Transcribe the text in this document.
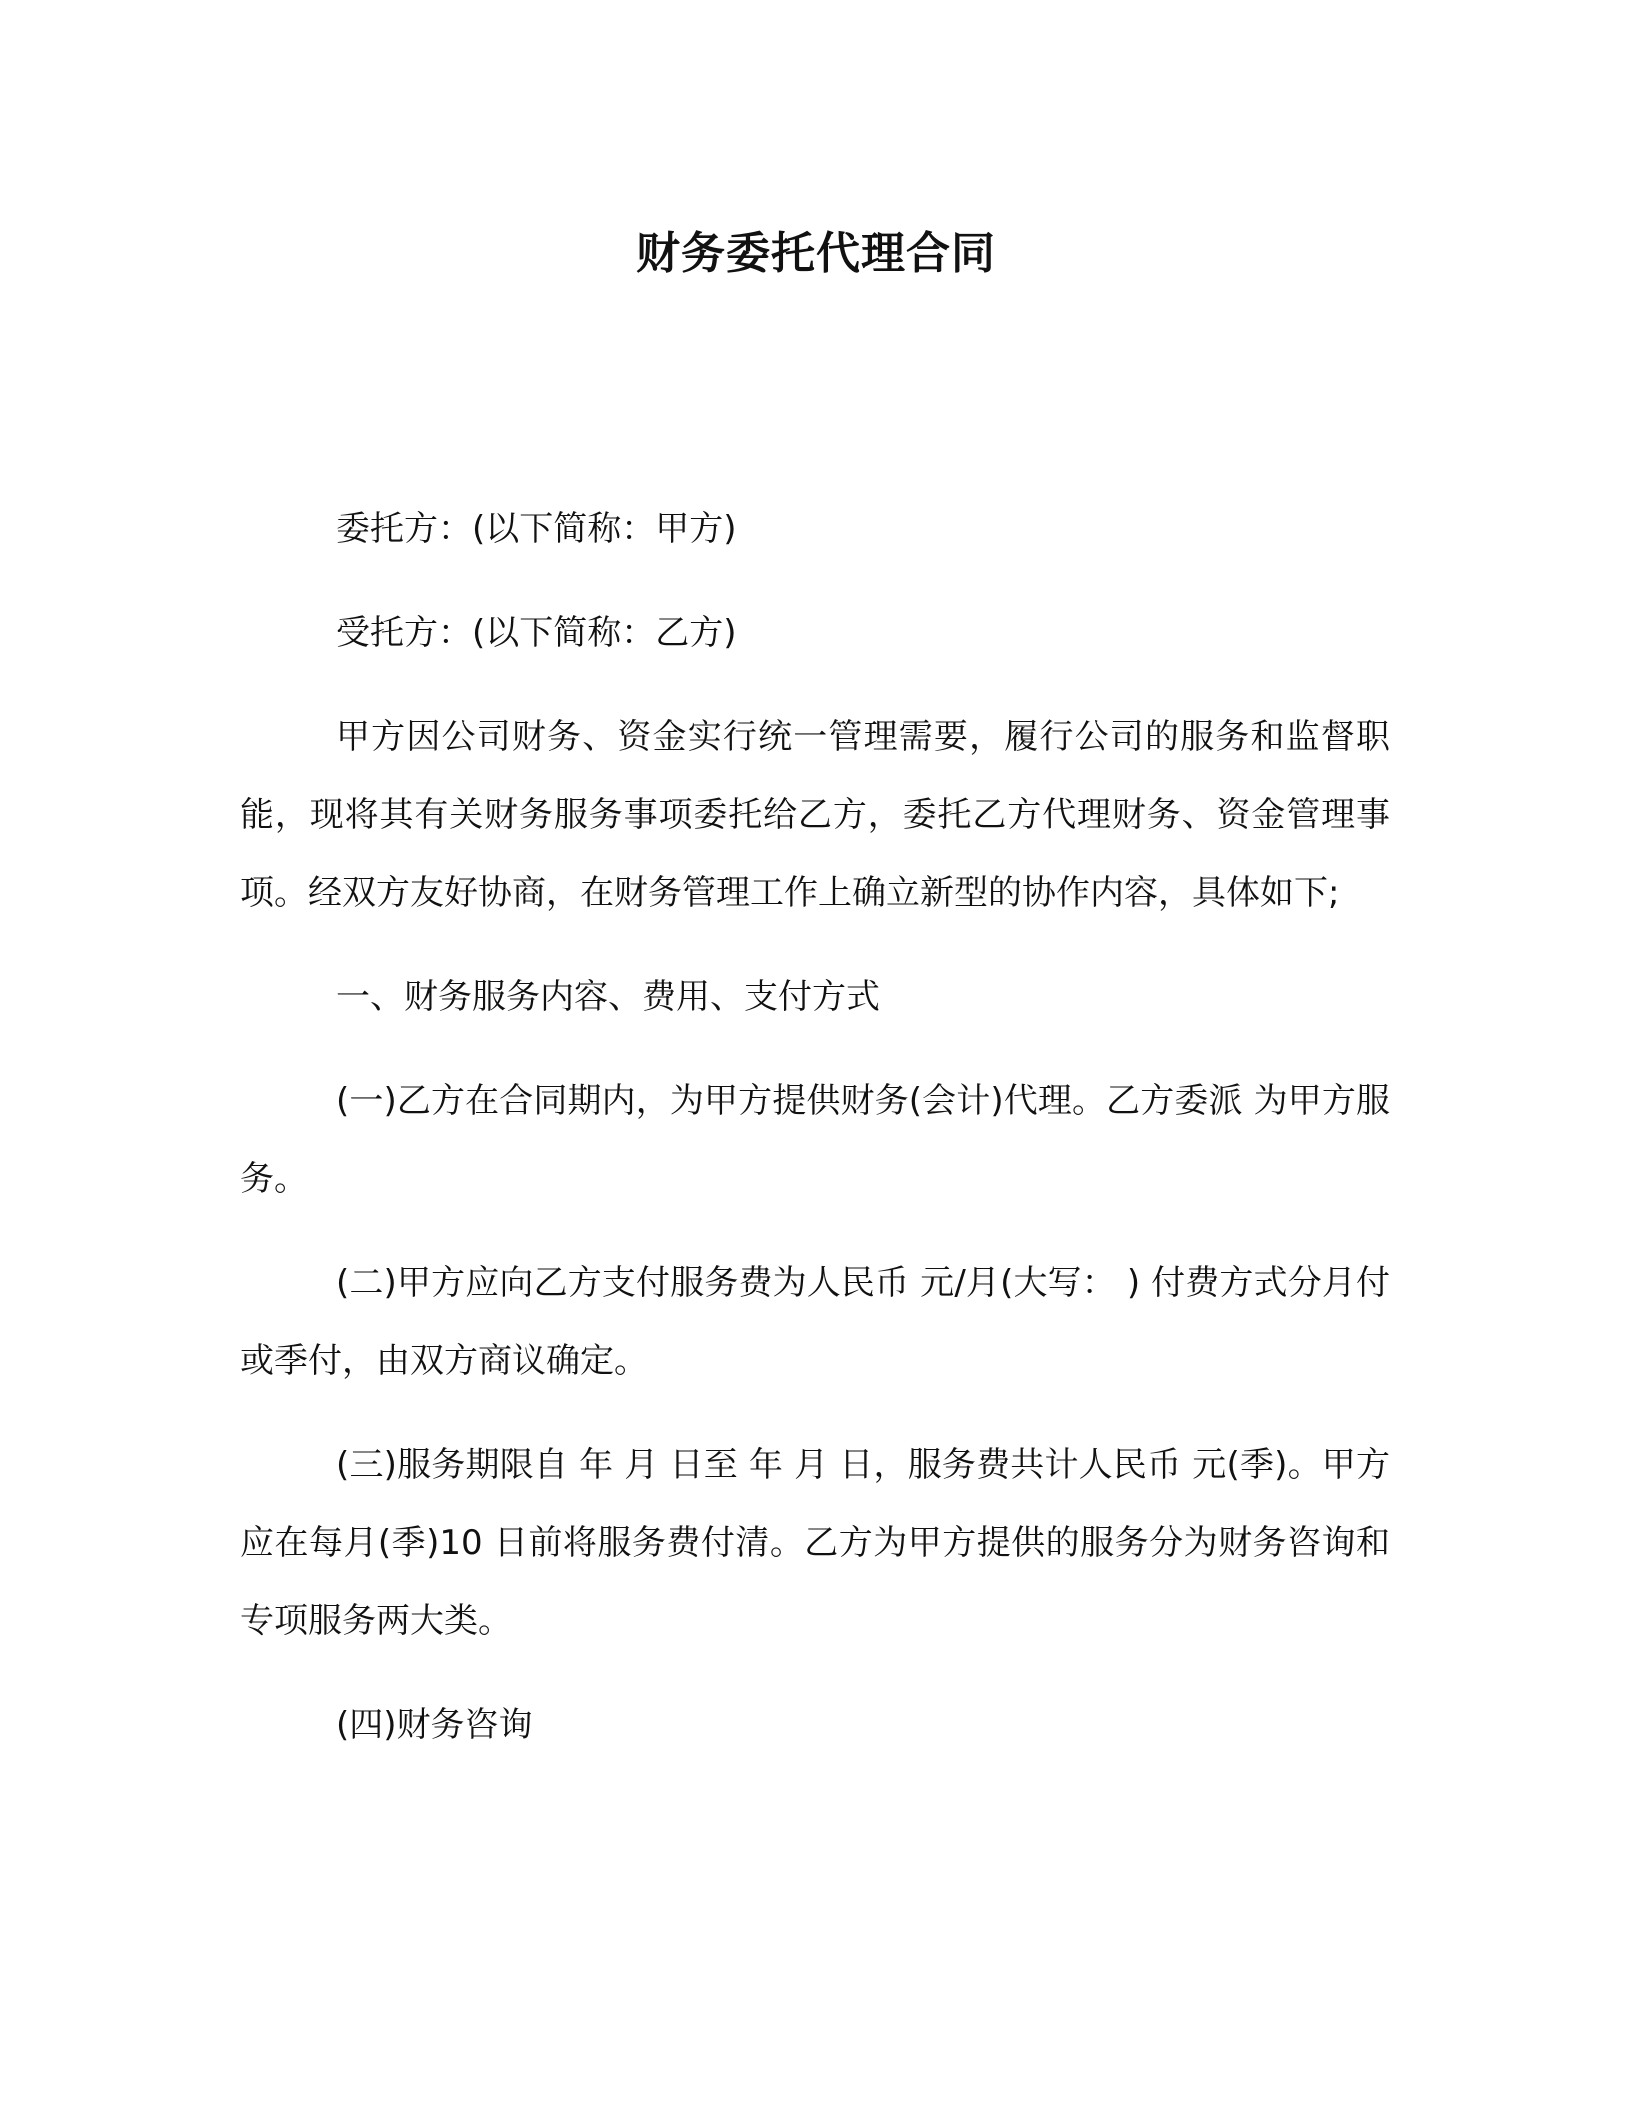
财务委托代理合同

委托方：(以下简称：甲方)

受托方：(以下简称：乙方)

甲方因公司财务、资金实行统一管理需要，履行公司的服务和监督职能，现将其有关财务服务事项委托给乙方，委托乙方代理财务、资金管理事项。经双方友好协商，在财务管理工作上确立新型的协作内容，具体如下;

一、财务服务内容、费用、支付方式

(一)乙方在合同期内，为甲方提供财务(会计)代理。乙方委派 为甲方服务。

(二)甲方应向乙方支付服务费为人民币 元/月(大写： ) 付费方式分月付或季付，由双方商议确定。

(三)服务期限自 年 月 日至 年 月 日，服务费共计人民币 元(季)。甲方应在每月(季)10 日前将服务费付清。乙方为甲方提供的服务分为财务咨询和专项服务两大类。

(四)财务咨询
